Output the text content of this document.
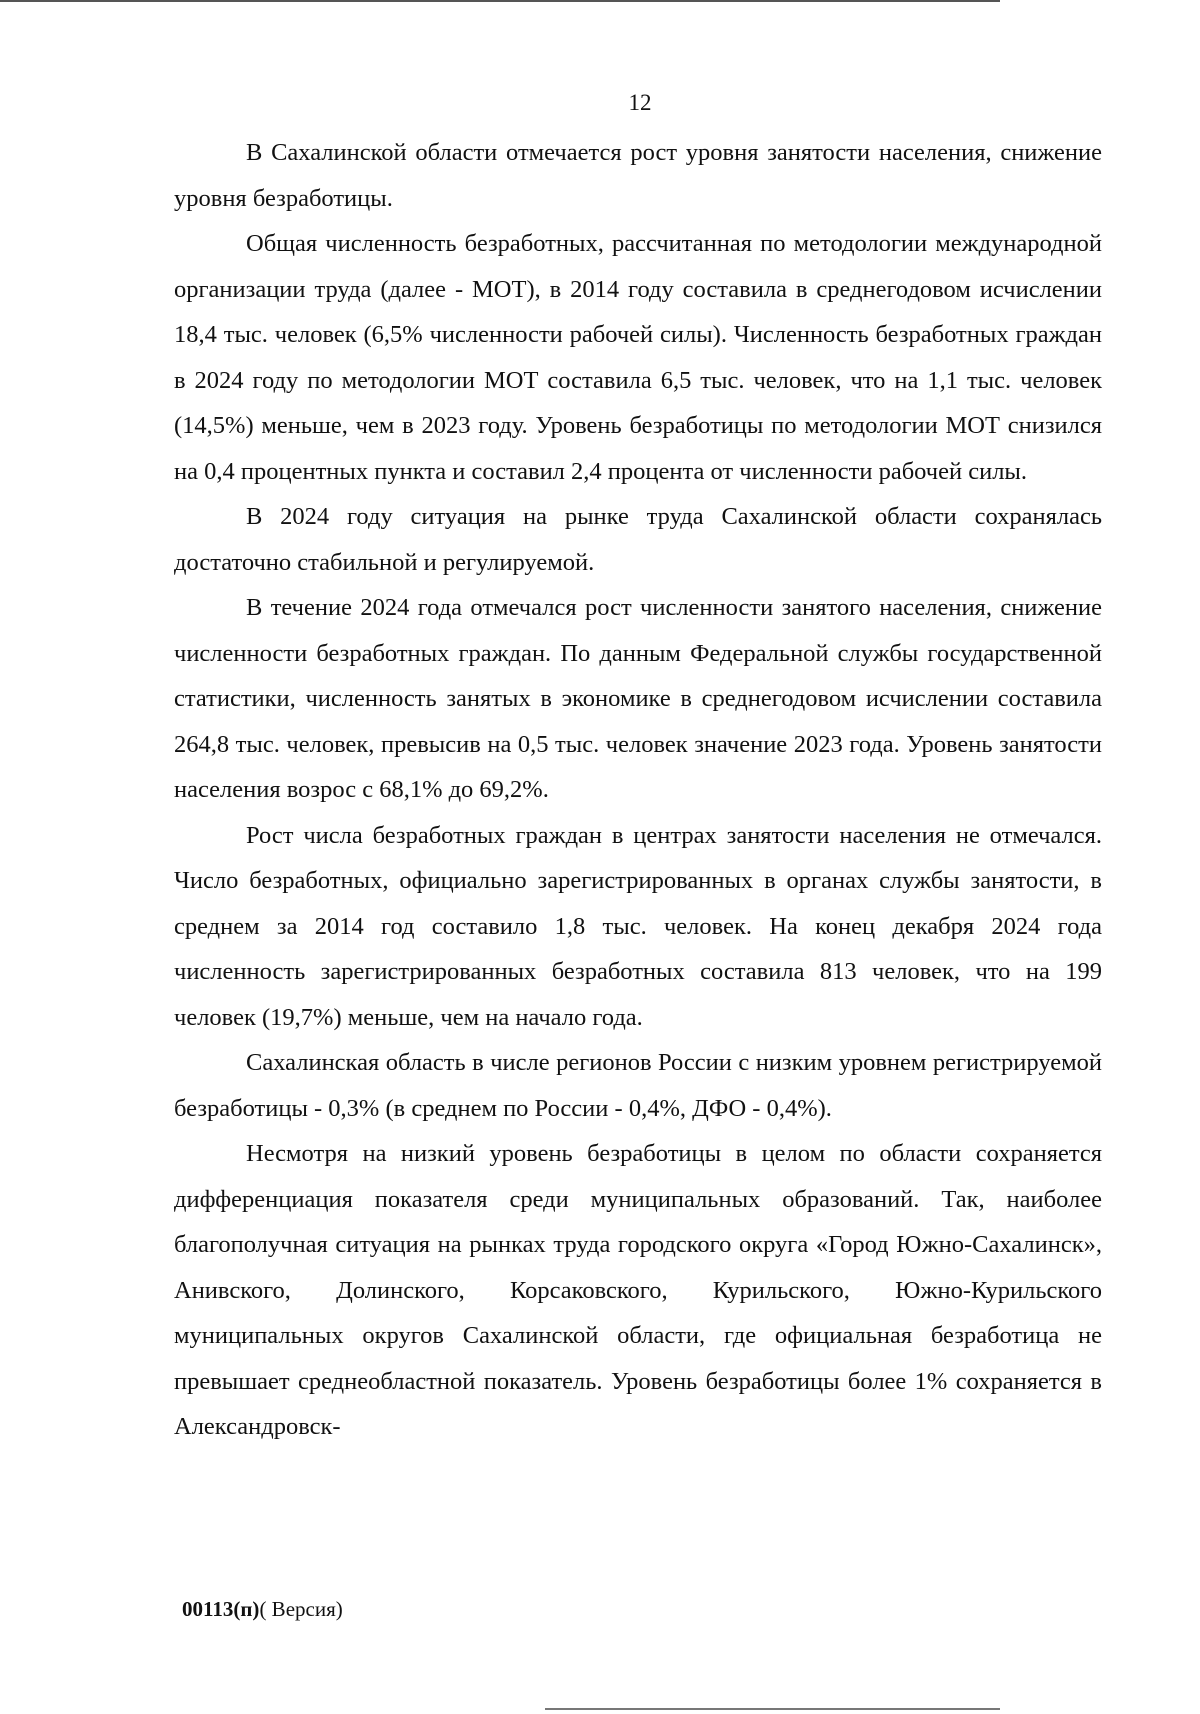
12

В Сахалинской области отмечается рост уровня занятости населения, снижение уровня безработицы.

Общая численность безработных, рассчитанная по методологии международной организации труда (далее - МОТ), в 2014 году составила в среднегодовом исчислении 18,4 тыс. человек (6,5% численности рабочей силы). Численность безработных граждан в 2024 году по методологии МОТ составила 6,5 тыс. человек, что на 1,1 тыс. человек (14,5%) меньше, чем в 2023 году. Уровень безработицы по методологии МОТ снизился на 0,4 процентных пункта и составил 2,4 процента от численности рабочей силы.

В 2024 году ситуация на рынке труда Сахалинской области сохранялась достаточно стабильной и регулируемой.

В течение 2024 года отмечался рост численности занятого населения, снижение численности безработных граждан. По данным Федеральной службы государственной статистики, численность занятых в экономике в среднегодовом исчислении составила 264,8 тыс. человек, превысив на 0,5 тыс. человек значение 2023 года. Уровень занятости населения возрос с 68,1% до 69,2%.

Рост числа безработных граждан в центрах занятости населения не отмечался. Число безработных, официально зарегистрированных в органах службы занятости, в среднем за 2014 год составило 1,8 тыс. человек. На конец декабря 2024 года численность зарегистрированных безработных составила 813 человек, что на 199 человек (19,7%) меньше, чем на начало года.

Сахалинская область в числе регионов России с низким уровнем регистрируемой безработицы - 0,3% (в среднем по России - 0,4%, ДФО - 0,4%).

Несмотря на низкий уровень безработицы в целом по области сохраняется дифференциация показателя среди муниципальных образований. Так, наиболее благополучная ситуация на рынках труда городского округа «Город Южно-Сахалинск», Анивского, Долинского, Корсаковского, Курильского, Южно-Курильского муниципальных округов Сахалинской области, где официальная безработица не превышает среднеобластной показатель. Уровень безработицы более 1% сохраняется в Александровск-

00113(п)( Версия)
